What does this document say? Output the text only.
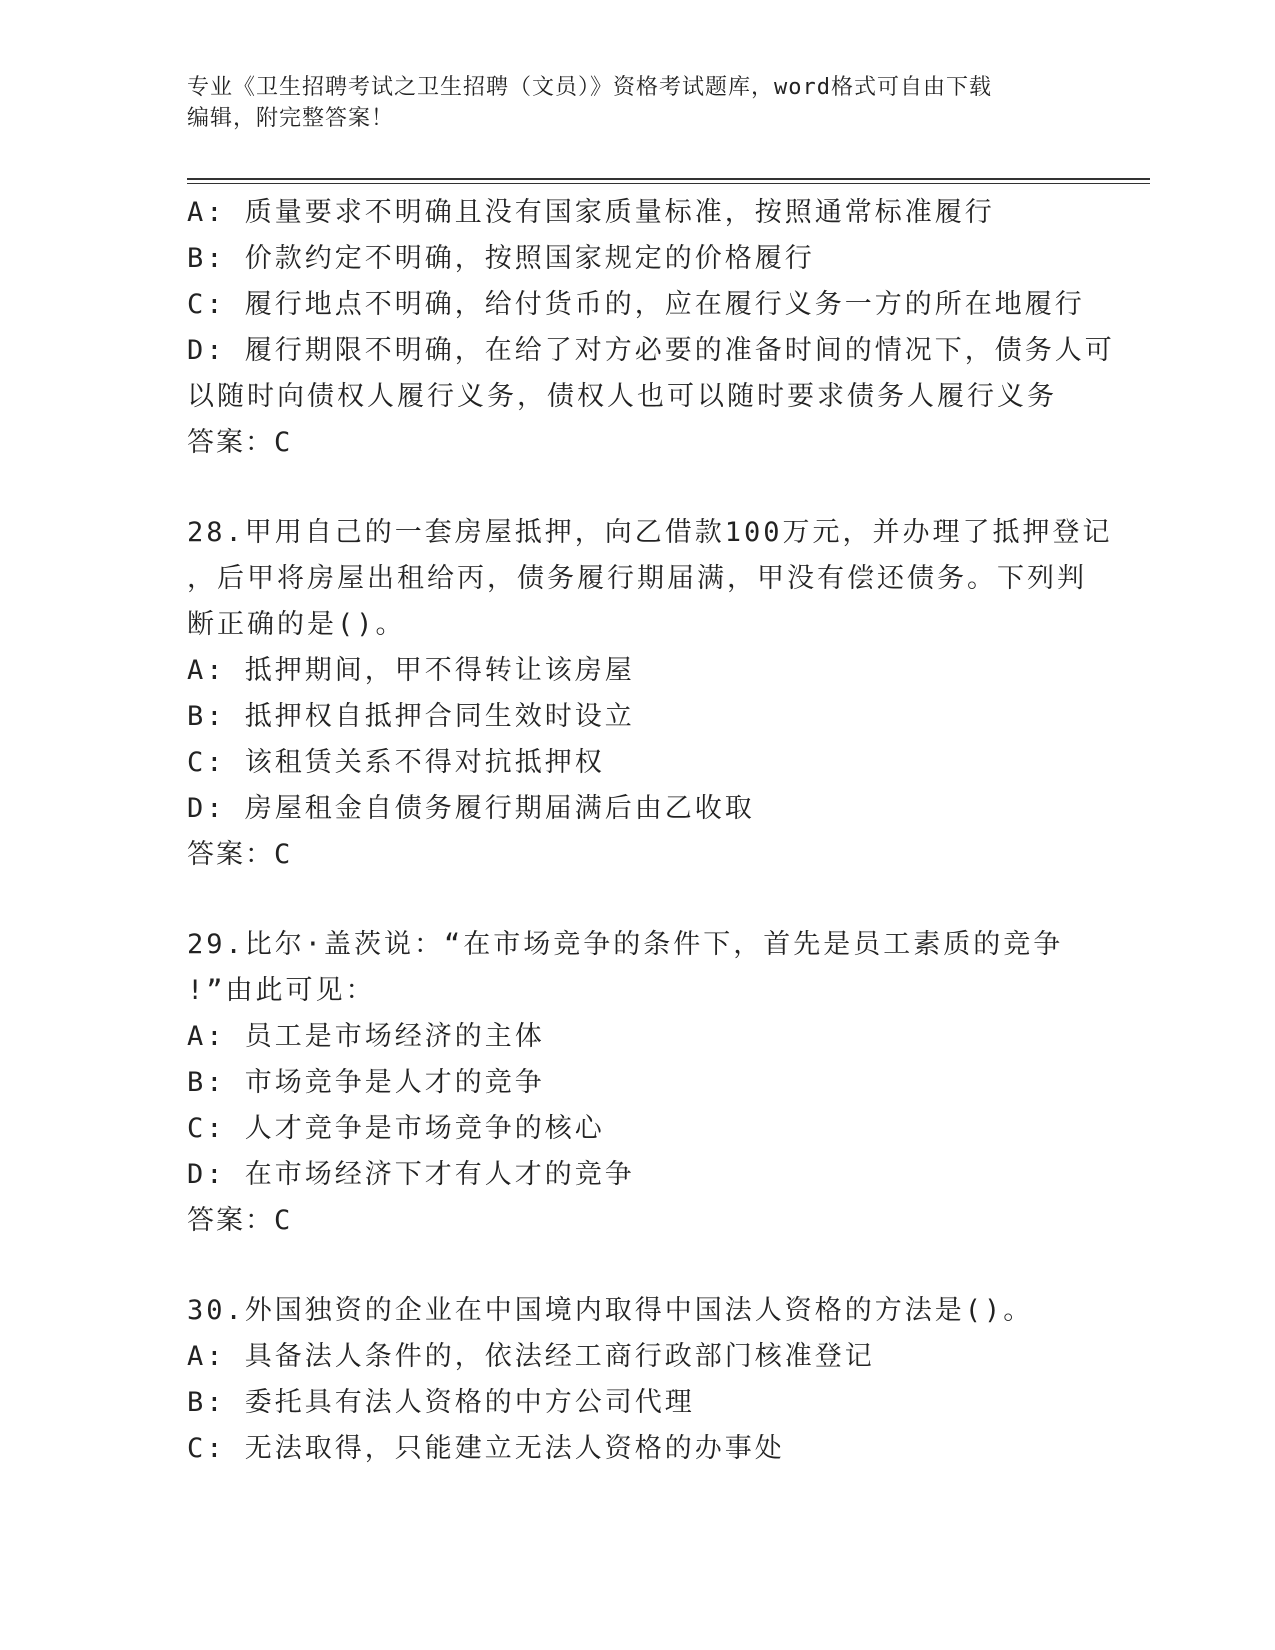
专业《卫生招聘考试之卫生招聘（文员）》资格考试题库，word格式可自由下载
编辑，附完整答案！
A: 质量要求不明确且没有国家质量标准，按照通常标准履行
B: 价款约定不明确，按照国家规定的价格履行
C: 履行地点不明确，给付货币的，应在履行义务一方的所在地履行
D: 履行期限不明确，在给了对方必要的准备时间的情况下，债务人可
以随时向债权人履行义务，债权人也可以随时要求债务人履行义务
答案：C
28.甲用自己的一套房屋抵押，向乙借款100万元，并办理了抵押登记
，后甲将房屋出租给丙，债务履行期届满，甲没有偿还债务。下列判
断正确的是()。
A: 抵押期间，甲不得转让该房屋
B: 抵押权自抵押合同生效时设立
C: 该租赁关系不得对抗抵押权
D: 房屋租金自债务履行期届满后由乙收取
答案：C
29.比尔·盖茨说：“在市场竞争的条件下，首先是员工素质的竞争
!”由此可见：
A: 员工是市场经济的主体
B: 市场竞争是人才的竞争
C: 人才竞争是市场竞争的核心
D: 在市场经济下才有人才的竞争
答案：C
30.外国独资的企业在中国境内取得中国法人资格的方法是()。
A: 具备法人条件的，依法经工商行政部门核准登记
B: 委托具有法人资格的中方公司代理
C: 无法取得，只能建立无法人资格的办事处
